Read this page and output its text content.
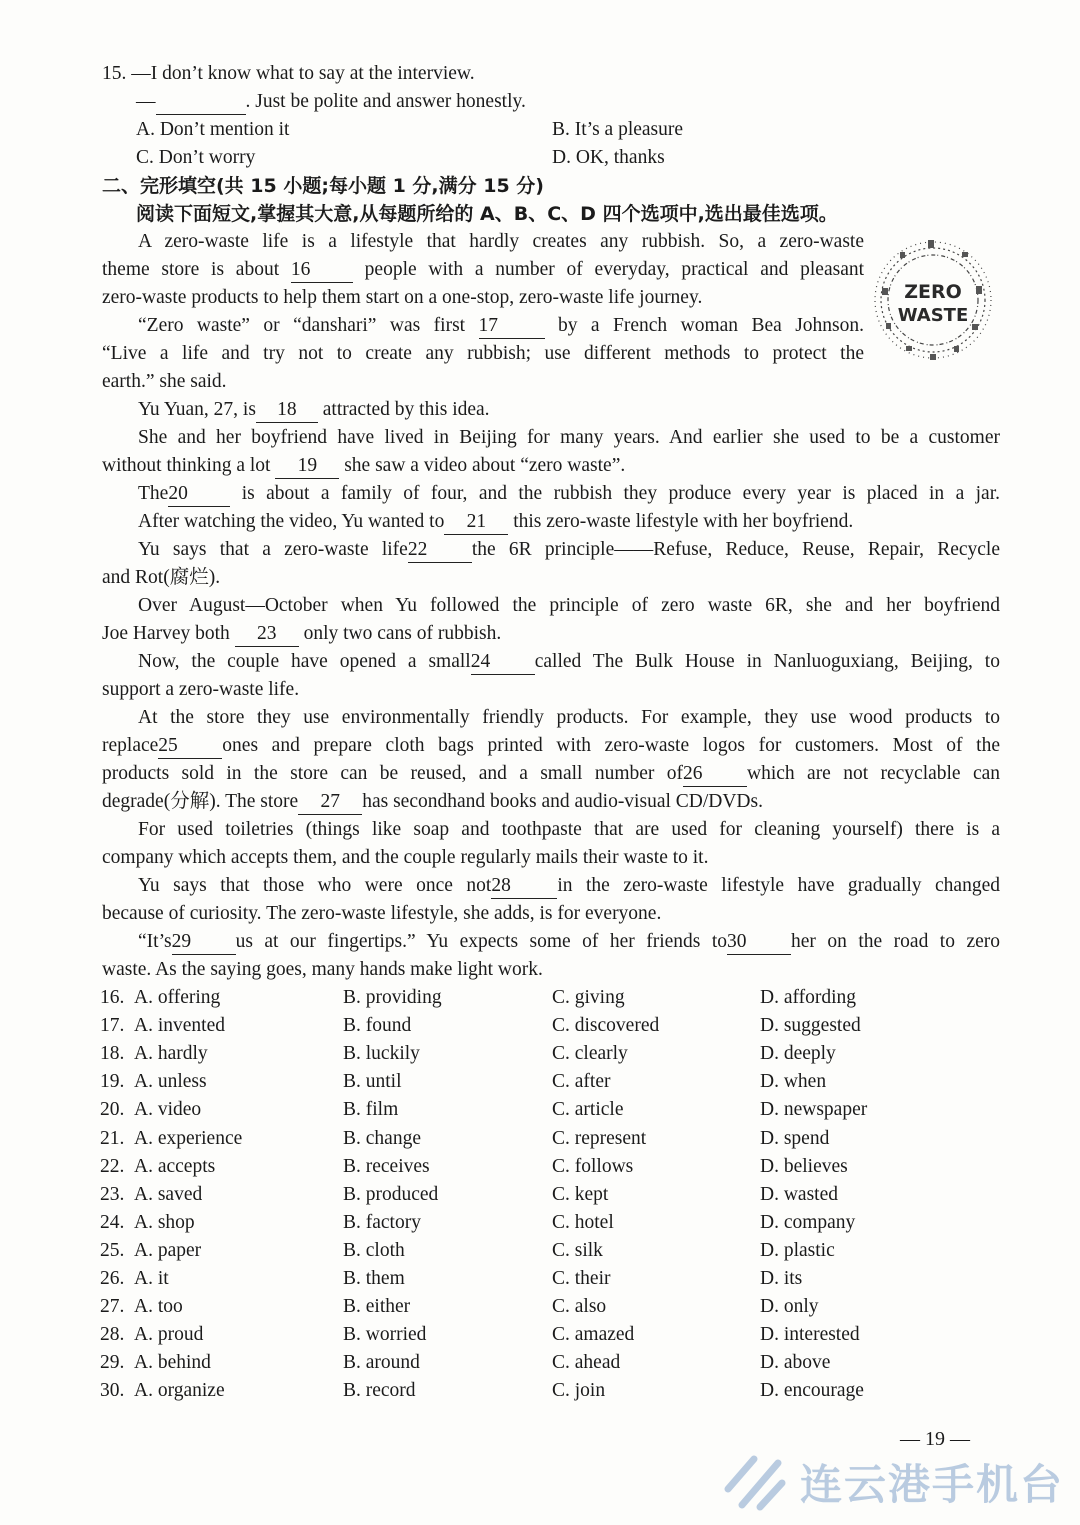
15. —I don’t know what to say at the interview.
—	. Just be polite and answer honestly.
A. Don’t mention it	B. It’s a pleasure
C. Don’t worry	D. OK, thanks
二、完形填空(共 15 小题;每小题 1 分,满分 15 分)
阅读下面短文,掌握其大意,从每题所给的 A、B、C、D 四个选项中,选出最佳选项。
ZERO
WASTE
A zero-waste life is a lifestyle that hardly creates any rubbish. So, a zero-waste
theme store is about 16	people with a number of everyday, practical and pleasant
zero-waste products to help them start on a one-stop, zero-waste life journey.
“Zero waste” or “danshari” was first 17	by a French woman Bea Johnson.
“Live a life and try not to create any rubbish; use different methods to protect the
earth.” she said.
Yu Yuan, 27, is 18 attracted by this idea.
She and her boyfriend have lived in Beijing for many years. And earlier she used to be a customer
without thinking a lot 19 she saw a video about “zero waste”.
The20	is about a family of four, and the rubbish they produce every year is placed in a jar.
After watching the video, Yu wanted to 21 this zero-waste lifestyle with her boyfriend.
Yu says that a zero-waste life22 the 6R principle——Refuse, Reduce, Reuse, Repair, Recycle
and Rot(腐烂).
Over August—October when Yu followed the principle of zero waste 6R, she and her boyfriend
Joe Harvey both 23 only two cans of rubbish.
Now, the couple have opened a small24 called The Bulk House in Nanluoguxiang, Beijing, to
support a zero-waste life.
At the store they use environmentally friendly products. For example, they use wood products to
replace25 ones and prepare cloth bags printed with zero-waste logos for customers. Most of the
products sold in the store can be reused, and a small number of26 which are not recyclable can
degrade(分解). The store 27 has secondhand books and audio-visual CD/DVDs.
For used toiletries (things like soap and toothpaste that are used for cleaning yourself) there is a
company which accepts them, and the couple regularly mails their waste to it.
Yu says that those who were once not28 in the zero-waste lifestyle have gradually changed
because of curiosity. The zero-waste lifestyle, she adds, is for everyone.
“It’s29 us at our fingertips.” Yu expects some of her friends to30 her on the road to zero
waste. As the saying goes, many hands make light work.
16. A. offering	B. providing	C. giving	D. affording
17. A. invented	B. found	C. discovered	D. suggested
18. A. hardly	B. luckily	C. clearly	D. deeply
19. A. unless	B. until	C. after	D. when
20. A. video	B. film	C. article	D. newspaper
21. A. experience	B. change	C. represent	D. spend
22. A. accepts	B. receives	C. follows	D. believes
23. A. saved	B. produced	C. kept	D. wasted
24. A. shop	B. factory	C. hotel	D. company
25. A. paper	B. cloth	C. silk	D. plastic
26. A. it	B. them	C. their	D. its
27. A. too	B. either	C. also	D. only
28. A. proud	B. worried	C. amazed	D. interested
29. A. behind	B. around	C. ahead	D. above
30. A. organize	B. record	C. join	D. encourage
— 19 —
连云港手机台
